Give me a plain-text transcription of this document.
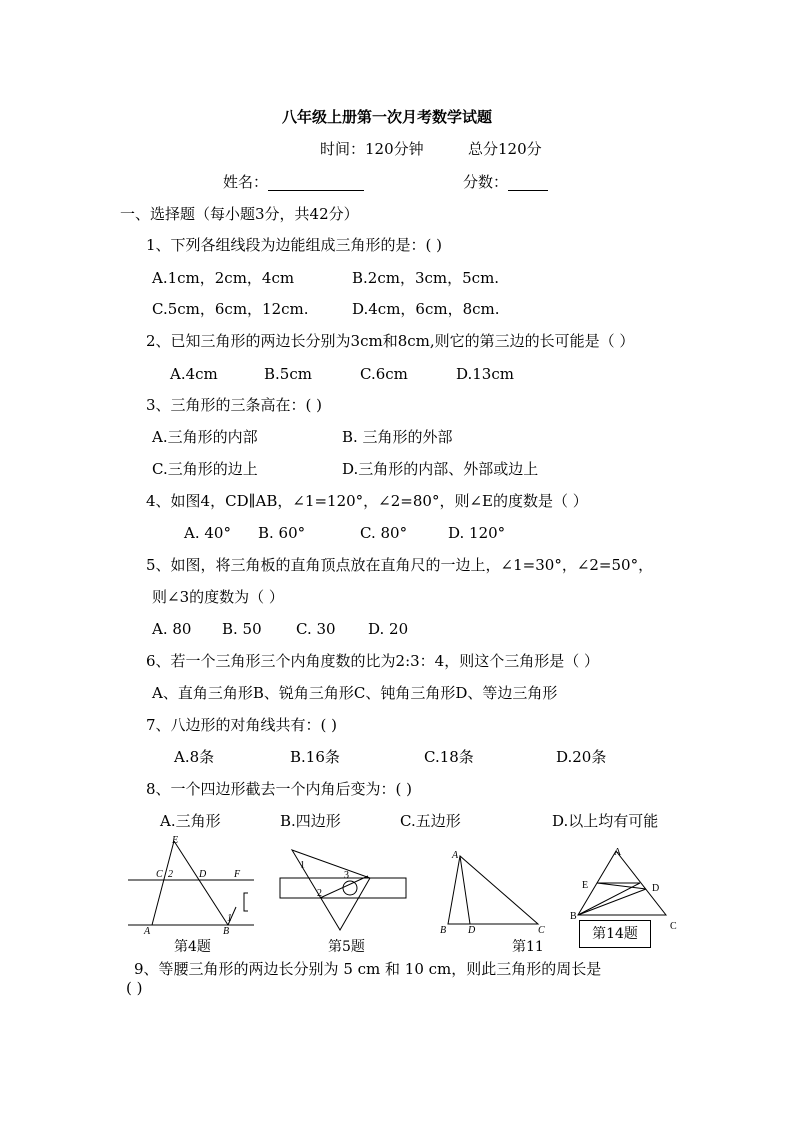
八年级上册第一次月考数学试题
时间：120分钟	总分120分
姓名：	分数：
一、选择题（每小题3分，共42分）
1、下列各组线段为边能组成三角形的是：( )
A.1cm，2cm，4cm	B.2cm，3cm，5cm.
C.5cm，6cm，12cm.	D.4cm，6cm，8cm.
2、已知三角形的两边长分别为3cm和8cm,则它的第三边的长可能是（ ）
A.4cm	B.5cm	C.6cm	D.13cm
3、三角形的三条高在：( )
A.三角形的内部	B. 三角形的外部
C.三角形的边上	D.三角形的内部、外部或边上
4、如图4，CD∥AB，∠1=120°，∠2=80°，则∠E的度数是（ ）
A. 40° B. 60°	C. 80°	D. 120°
5、如图，将三角板的直角顶点放在直角尺的一边上，∠1=30°，∠2=50°，
则∠3的度数为（ ）
A. 80 B. 50 C. 30 D. 20
6、若一个三角形三个内角度数的比为2:3：4，则这个三角形是（ ）
A、直角三角形B、锐角三角形C、钝角三角形D、等边三角形
7、八边形的对角线共有：( )
A.8条	B.16条	C.18条	D.20条
8、一个四边形截去一个内角后变为：( )
A.三角形	B.四边形	C.五边形	D.以上均有可能
E
C 2	D	F
A	B
1
第4题
1
3
2
第5题
A
B D	C
第11
A
E	D
B
C
第14题
9、等腰三角形的两边长分别为 5 cm 和 10 cm，则此三角形的周长是
( )
